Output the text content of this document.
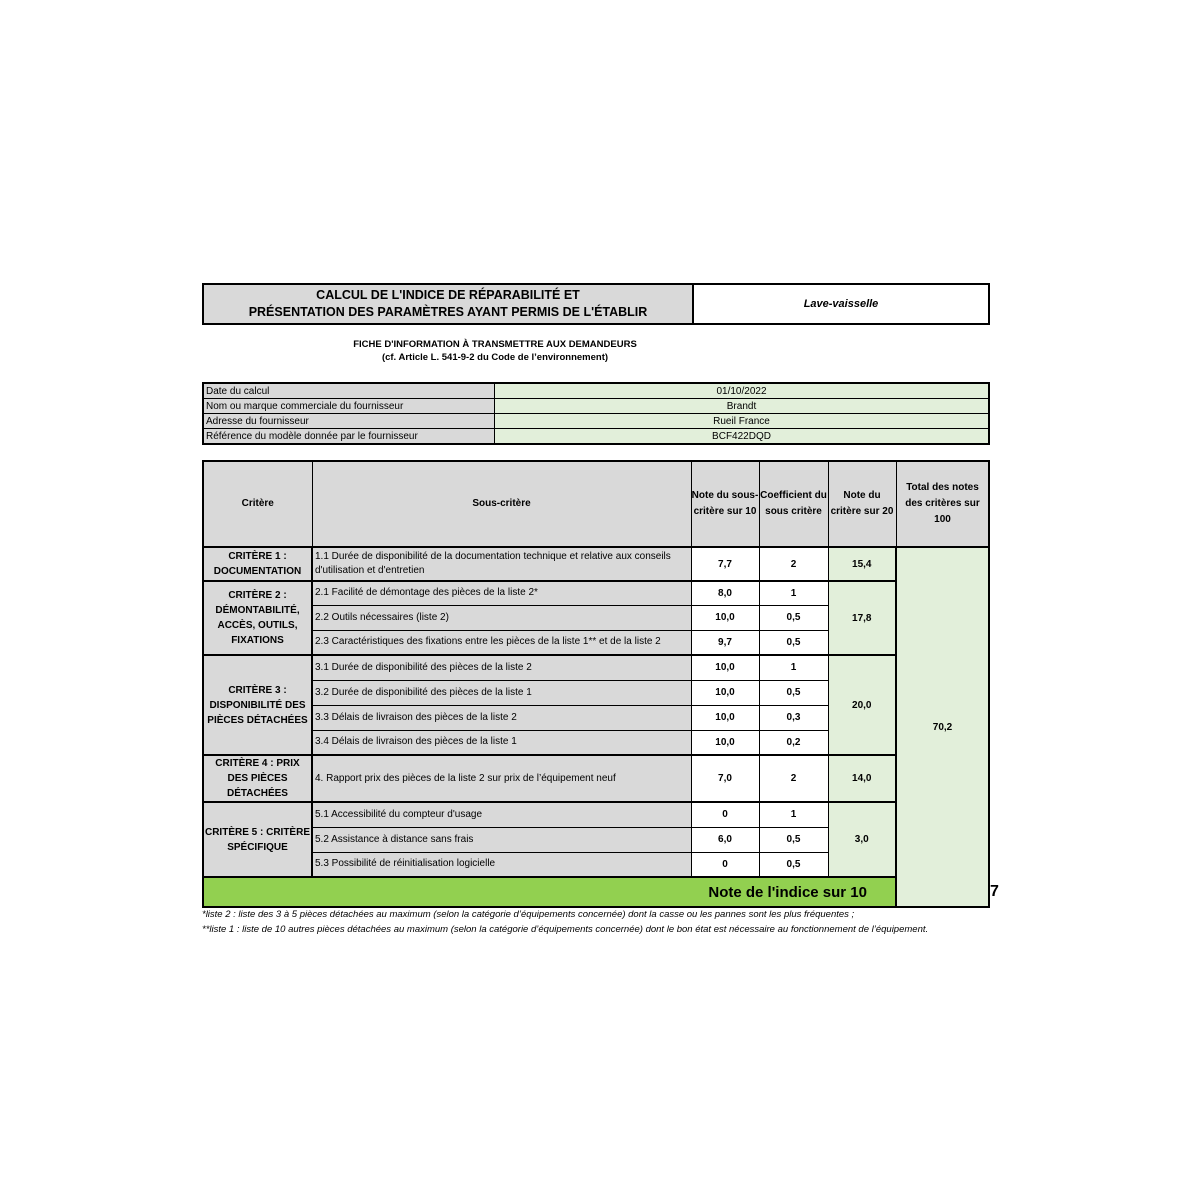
CALCUL DE L'INDICE DE RÉPARABILITÉ ET
PRÉSENTATION DES PARAMÈTRES AYANT PERMIS DE L'ÉTABLIR
Lave-vaisselle
FICHE D'INFORMATION À TRANSMETTRE AUX DEMANDEURS
(cf. Article L. 541-9-2 du Code de l’environnement)
Date du calcul	01/10/2022
Nom ou marque commerciale du fournisseur	Brandt
Adresse du fournisseur	Rueil France
Référence du modèle donnée par le fournisseur	BCF422DQD
Critère	Sous-critère	Note du sous-critère sur 10	Coefficient du sous critère	Note du critère sur 20	Total des notes des critères sur 100	
CRITÈRE 1 : DOCUMENTATION	1.1 Durée de disponibilité de la documentation technique et relative aux conseils d'utilisation et d'entretien	7,7	2	15,4	70,2	
CRITÈRE 2 : DÉMONTABILITÉ, ACCÈS, OUTILS, FIXATIONS	2.1 Facilité de démontage des pièces de la liste 2*	8,0	1	17,8		
	2.2 Outils nécessaires (liste 2)	10,0	0,5			
	2.3 Caractéristiques des fixations entre les pièces de la liste 1** et de la liste 2	9,7	0,5			
CRITÈRE 3 : DISPONIBILITÉ DES PIÈCES DÉTACHÉES	3.1 Durée de disponibilité des pièces de la liste 2	10,0	1	20,0		
	3.2 Durée de disponibilité des pièces de la liste 1	10,0	0,5			
	3.3 Délais de livraison des pièces de la liste 2	10,0	0,3			
	3.4 Délais de livraison des pièces de la liste 1	10,0	0,2			
CRITÈRE 4 : PRIX DES PIÈCES DÉTACHÉES	4. Rapport prix des pièces de la liste 2 sur prix de l’équipement neuf	7,0	2	14,0		
CRITÈRE 5 : CRITÈRE SPÉCIFIQUE	5.1 Accessibilité du compteur d'usage	0	1	3,0		
	5.2 Assistance à distance sans frais	6,0	0,5			
	5.3 Possibilité de réinitialisation logicielle	0	0,5			
Note de l'indice sur 10						7
*liste 2 : liste des 3 à 5 pièces détachées au maximum (selon la catégorie d’équipements concernée) dont la casse ou les pannes sont les plus fréquentes ;
**liste 1 : liste de 10 autres pièces détachées au maximum (selon la catégorie d’équipements concernée) dont le bon état est nécessaire au fonctionnement de l’équipement.
